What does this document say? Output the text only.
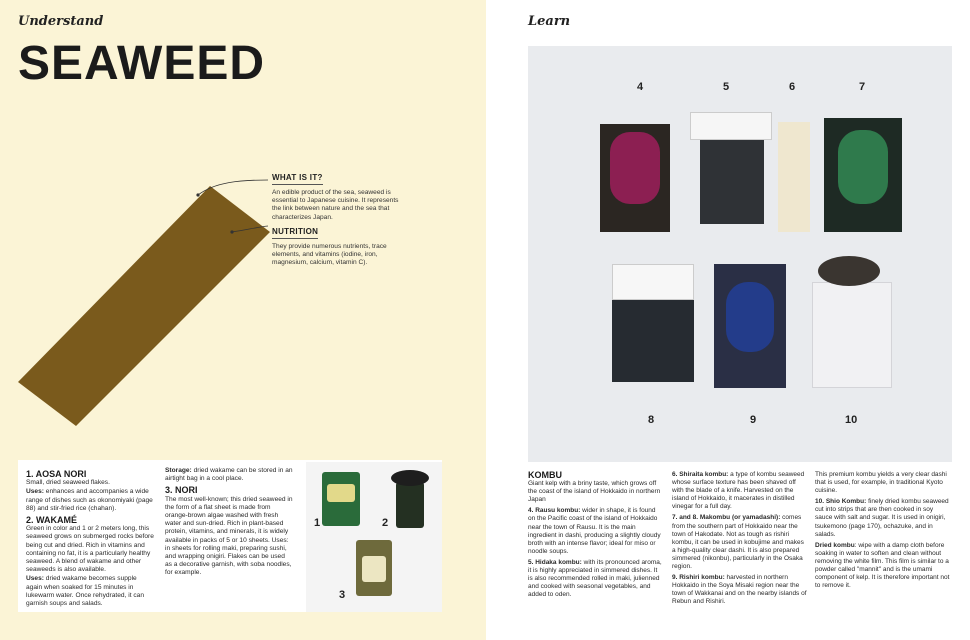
Understand
SEAWEED
WHAT IS IT?
An edible product of the sea, seaweed is essential to Japanese cuisine. It represents the link between nature and the sea that characterizes Japan.
NUTRITION
They provide numerous nutrients, trace elements, and vitamins (iodine, iron, magnesium, calcium, vitamin C).
1. AOSA NORI

Small, dried seaweed flakes.

Uses: enhances and accompanies a wide range of dishes such as okonomiyaki (page 88) and stir-fried rice (chahan).

2. WAKAMÉ

Green in color and 1 or 2 meters long, this seaweed grows on submerged rocks before being cut and dried. Rich in vitamins and containing no fat, it is a particularly healthy seaweed. A blend of wakame and other seaweeds is also available.

Uses: dried wakame becomes supple again when soaked for 15 minutes in lukewarm water. Once rehydrated, it can garnish soups and salads.

Storage: dried wakame can be stored in an airtight bag in a cool place.

3. NORI

The most well-known; this dried seaweed in the form of a flat sheet is made from orange-brown algae washed with fresh water and sun-dried. Rich in plant-based protein, vitamins, and minerals, it is widely available in packs of 5 or 10 sheets. Uses: in sheets for rolling maki, preparing sushi, and wrapping onigiri. Flakes can be used as a decorative garnish, with soba noodles, for example.

1	2
3
Learn
4	5	6	7
8	9	10
KOMBU

Giant kelp with a briny taste, which grows off the coast of the island of Hokkaido in northern Japan

4. Rausu kombu: wider in shape, it is found on the Pacific coast of the island of Hokkaido near the town of Rausu. It is the main ingredient in dashi, producing a slightly cloudy broth with an intense flavor; ideal for miso or noodle soups.

5. Hidaka kombu: with its pronounced aroma, it is highly appreciated in simmered dishes. It is also recommended rolled in maki, julienned and cooked with seasonal vegetables, and added to oden.

6. Shiraita kombu: a type of kombu seaweed whose surface texture has been shaved off with the blade of a knife. Harvested on the island of Hokkaido, it macerates in distilled vinegar for a full day.

7. and 8. Makombu (or yamadashi): comes from the southern part of Hokkaido near the town of Hakodate. Not as tough as rishiri kombu, it can be used in kobujime and makes a high-quality clear dashi. It is also prepared simmered (nikonbu), particularly in the Osaka region.

9. Rishiri kombu: harvested in northern Hokkaido in the Soya Misaki region near the town of Wakkanai and on the nearby islands of Rebun and Rishiri.

This premium kombu yields a very clear dashi that is used, for example, in traditional Kyoto cuisine.

10. Shio Kombu: finely dried kombu seaweed cut into strips that are then cooked in soy sauce with salt and sugar. It is used in onigiri, tsukemono (page 170), ochazuke, and in salads.

Dried kombu: wipe with a damp cloth before soaking in water to soften and clean without removing the white film. This film is similar to a powder called "mannit" and is the umami component of kelp. It is therefore important not to remove it.
